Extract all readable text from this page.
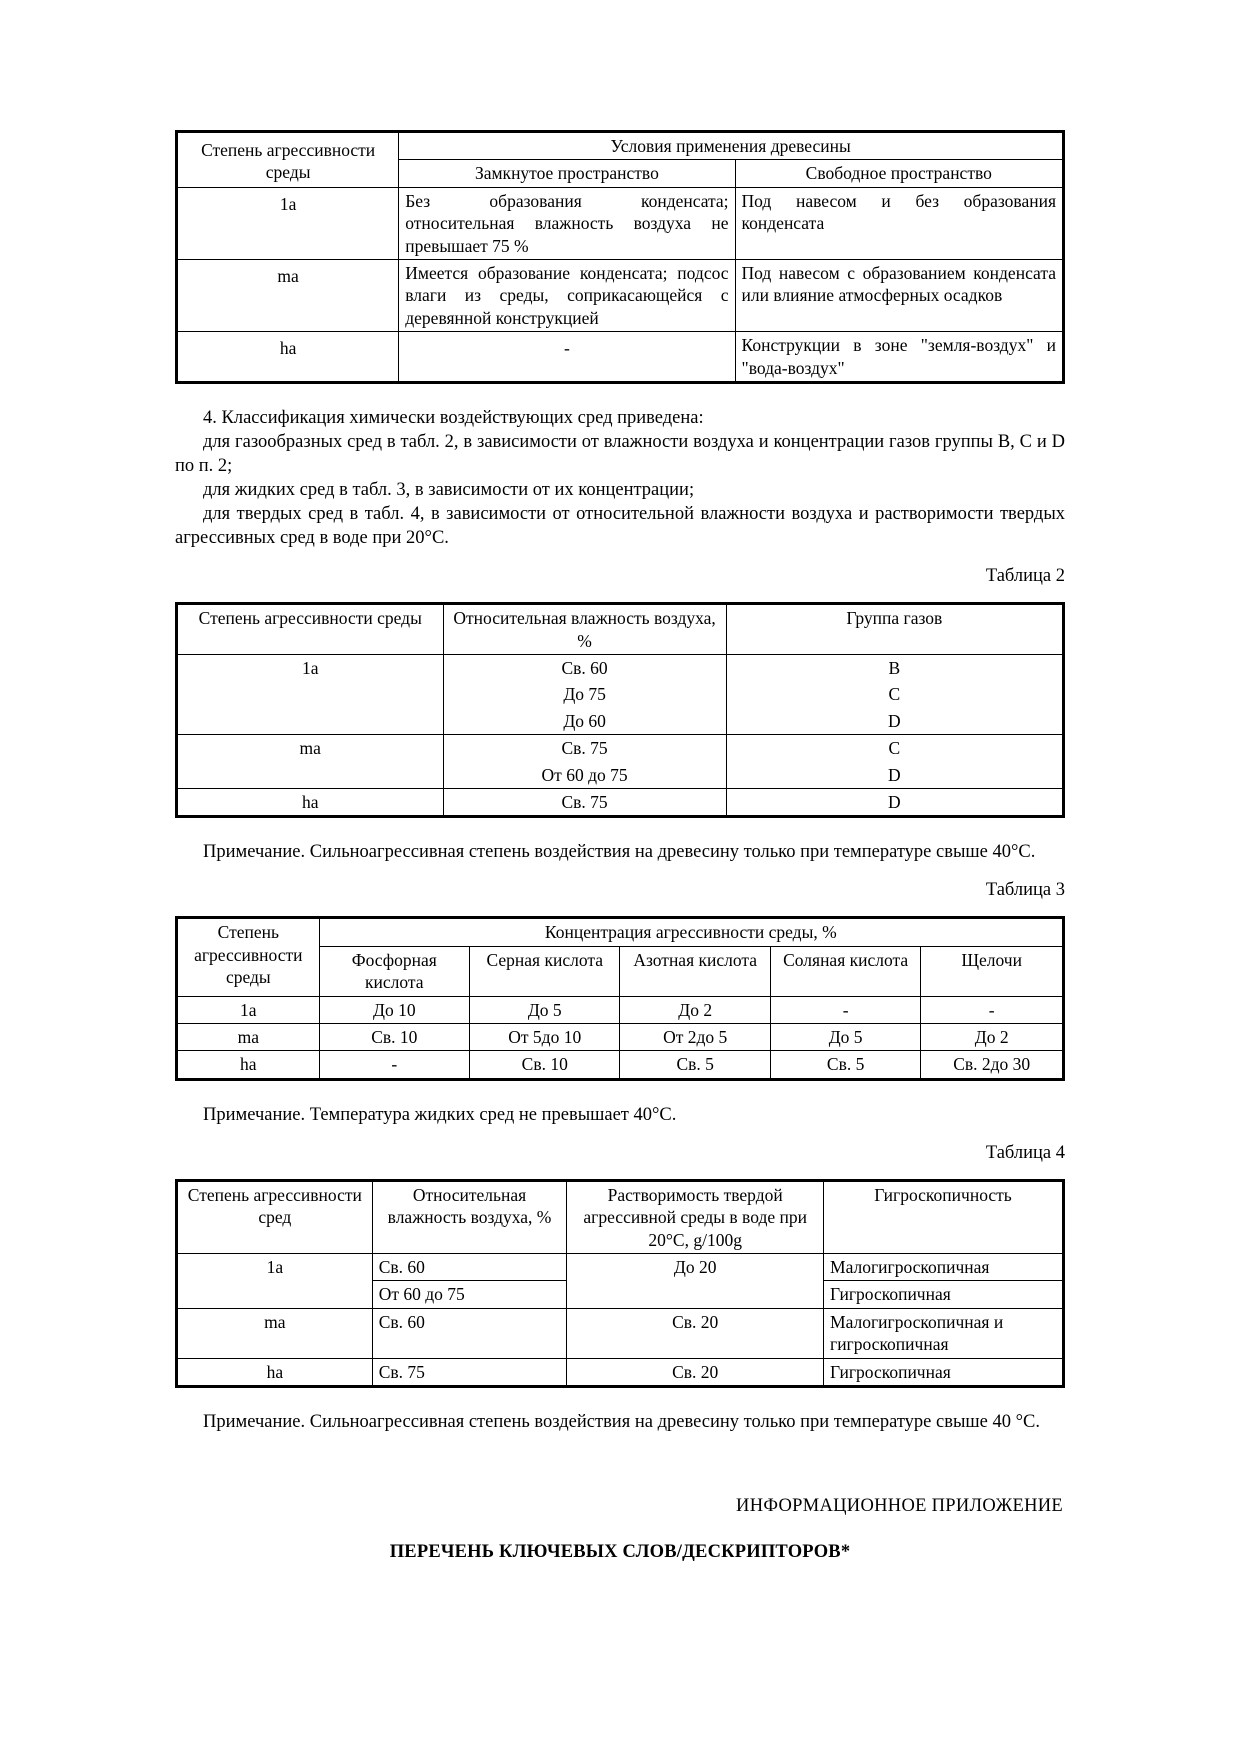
Степень агрессивности среды	Условия применения древесины	
	Замкнутое пространство	Свободное пространство
1а	Без образования конденсата; относительная влажность воздуха не превышает 75 %	Под навесом и без образования конденсата
ma	Имеется образование конденсата; подсос влаги из среды, соприкасающейся с деревянной конструкцией	Под навесом с образованием конденсата или влияние атмосферных осадков
ha	-	Конструкции в зоне "земля-воздух" и "вода-воздух"

4. Классификация химически воздействующих сред приведена:

для газообразных сред в табл. 2, в зависимости от влажности воздуха и концентрации газов группы В, С и D по п. 2;

для жидких сред в табл. 3, в зависимости от их концентрации;

для твердых сред в табл. 4, в зависимости от относительной влажности воздуха и растворимости твердых агрессивных сред в воде при 20°С.

Таблица 2

Степень агрессивности среды	Относительная влажность воздуха, %	Группа газов
1а	Св. 60	В
	До 75	С
	До 60	D
ma	Св. 75	С
	От 60 до 75	D
ha	Св. 75	D

Примечание. Сильноагрессивная степень воздействия на древесину только при температуре свыше 40°С.

Таблица 3

Степень агрессивности среды	Концентрация агрессивности среды, %				
	Фосфорная кислота	Серная кислота	Азотная кислота	Соляная кислота	Щелочи
1а	До 10	До 5	До 2	-	-
ma	Св. 10	От 5до 10	От 2до 5	До 5	До 2
ha	-	Св. 10	Св. 5	Св. 5	Св. 2до 30

Примечание. Температура жидких сред не превышает 40°С.

Таблица 4

Степень агрессивности сред	Относительная влажность воздуха, %	Растворимость твердой агрессивной среды в воде при 20°С, g/100g	Гигроскопичность
1а	Св. 60	До 20	Малогигроскопичная
	От 60 до 75		Гигроскопичная
ma	Св. 60	Св. 20	Малогигроскопичная и гигроскопичная
ha	Св. 75	Св. 20	Гигроскопичная

Примечание. Сильноагрессивная степень воздействия на древесину только при температуре свыше 40 °С.

ИНФОРМАЦИОННОЕ ПРИЛОЖЕНИЕ

ПЕРЕЧЕНЬ КЛЮЧЕВЫХ СЛОВ/ДЕСКРИПТОРОВ*
